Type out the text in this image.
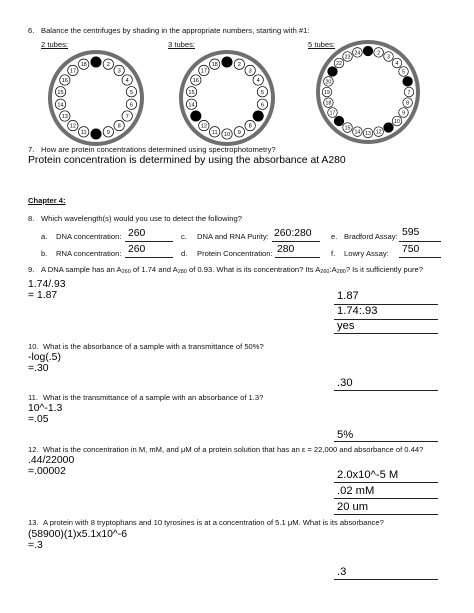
6. Balance the centrifuges by shading in the appropriate numbers, starting with #1:
2 tubes:	3 tubes:	5 tubes:
2
3
4
5
6
7
8
9
11
12
13
14
15
16
17
18	2
3
4
5
6
8
9
10
11
12
14
15
16
17
18
2
3
4
5
7
8
9
10
12
13
14
15
17
18
19
20
22
23
24
7. How are protein concentrations determined using spectrophotometry?
Protein concentration is determined by using the absorbance at A280
Chapter 4:
8. Which wavelength(s) would you use to detect the following?
a. DNA concentration: 260	c. DNA and RNA Purity: 260:280	e. Bradford Assay: 595
b. RNA concentration: 260	d. Protein Concentration: 280	f. Lowry Assay: 750
9. A DNA sample has an $A_{260}$ of 1.74 and $A_{280}$ of 0.93. What is its concentration? Its $A_{260}:A_{280}$? Is it sufficiently pure?
1.74/.93
= 1.87	1.87
1.74:.93
yes
10. What is the absorbance of a sample with a transmittance of 50%?
-log(.5)
=.30
.30
11. What is the transmittance of a sample with an absorbance of 1.3?
10^-1.3
=.05
5%
12. What is the concentration in M, mM, and μM of a protein solution that has an ε = 22,000 and absorbance of 0.44?
.44/22000
=.00002	2.0x10^-5 M
.02 mM
20 um
13. A protein with 8 tryptophans and 10 tyrosines is at a concentration of 5.1 μM. What is its absorbance?
(58900)(1)x5.1x10^-6
=.3
.3
